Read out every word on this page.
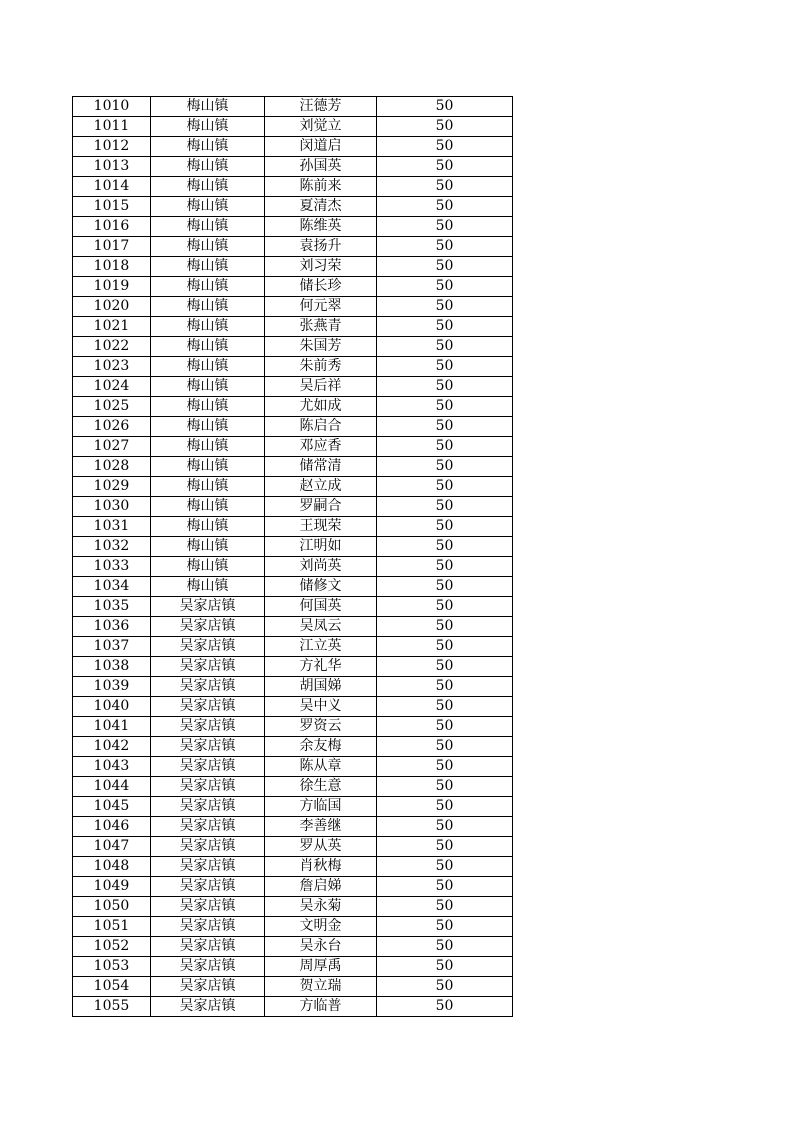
1010	梅山镇	汪德芳	50
1011	梅山镇	刘觉立	50
1012	梅山镇	闵道启	50
1013	梅山镇	孙国英	50
1014	梅山镇	陈前来	50
1015	梅山镇	夏清杰	50
1016	梅山镇	陈维英	50
1017	梅山镇	袁扬升	50
1018	梅山镇	刘习荣	50
1019	梅山镇	储长珍	50
1020	梅山镇	何元翠	50
1021	梅山镇	张燕青	50
1022	梅山镇	朱国芳	50
1023	梅山镇	朱前秀	50
1024	梅山镇	吴后祥	50
1025	梅山镇	尤如成	50
1026	梅山镇	陈启合	50
1027	梅山镇	邓应香	50
1028	梅山镇	储常清	50
1029	梅山镇	赵立成	50
1030	梅山镇	罗嗣合	50
1031	梅山镇	王现荣	50
1032	梅山镇	江明如	50
1033	梅山镇	刘尚英	50
1034	梅山镇	储修文	50
1035	吴家店镇	何国英	50
1036	吴家店镇	吴凤云	50
1037	吴家店镇	江立英	50
1038	吴家店镇	方礼华	50
1039	吴家店镇	胡国娣	50
1040	吴家店镇	吴中义	50
1041	吴家店镇	罗资云	50
1042	吴家店镇	余友梅	50
1043	吴家店镇	陈从章	50
1044	吴家店镇	徐生意	50
1045	吴家店镇	方临国	50
1046	吴家店镇	李善继	50
1047	吴家店镇	罗从英	50
1048	吴家店镇	肖秋梅	50
1049	吴家店镇	詹启娣	50
1050	吴家店镇	吴永菊	50
1051	吴家店镇	文明金	50
1052	吴家店镇	吴永台	50
1053	吴家店镇	周厚禹	50
1054	吴家店镇	贺立瑞	50
1055	吴家店镇	方临普	50
